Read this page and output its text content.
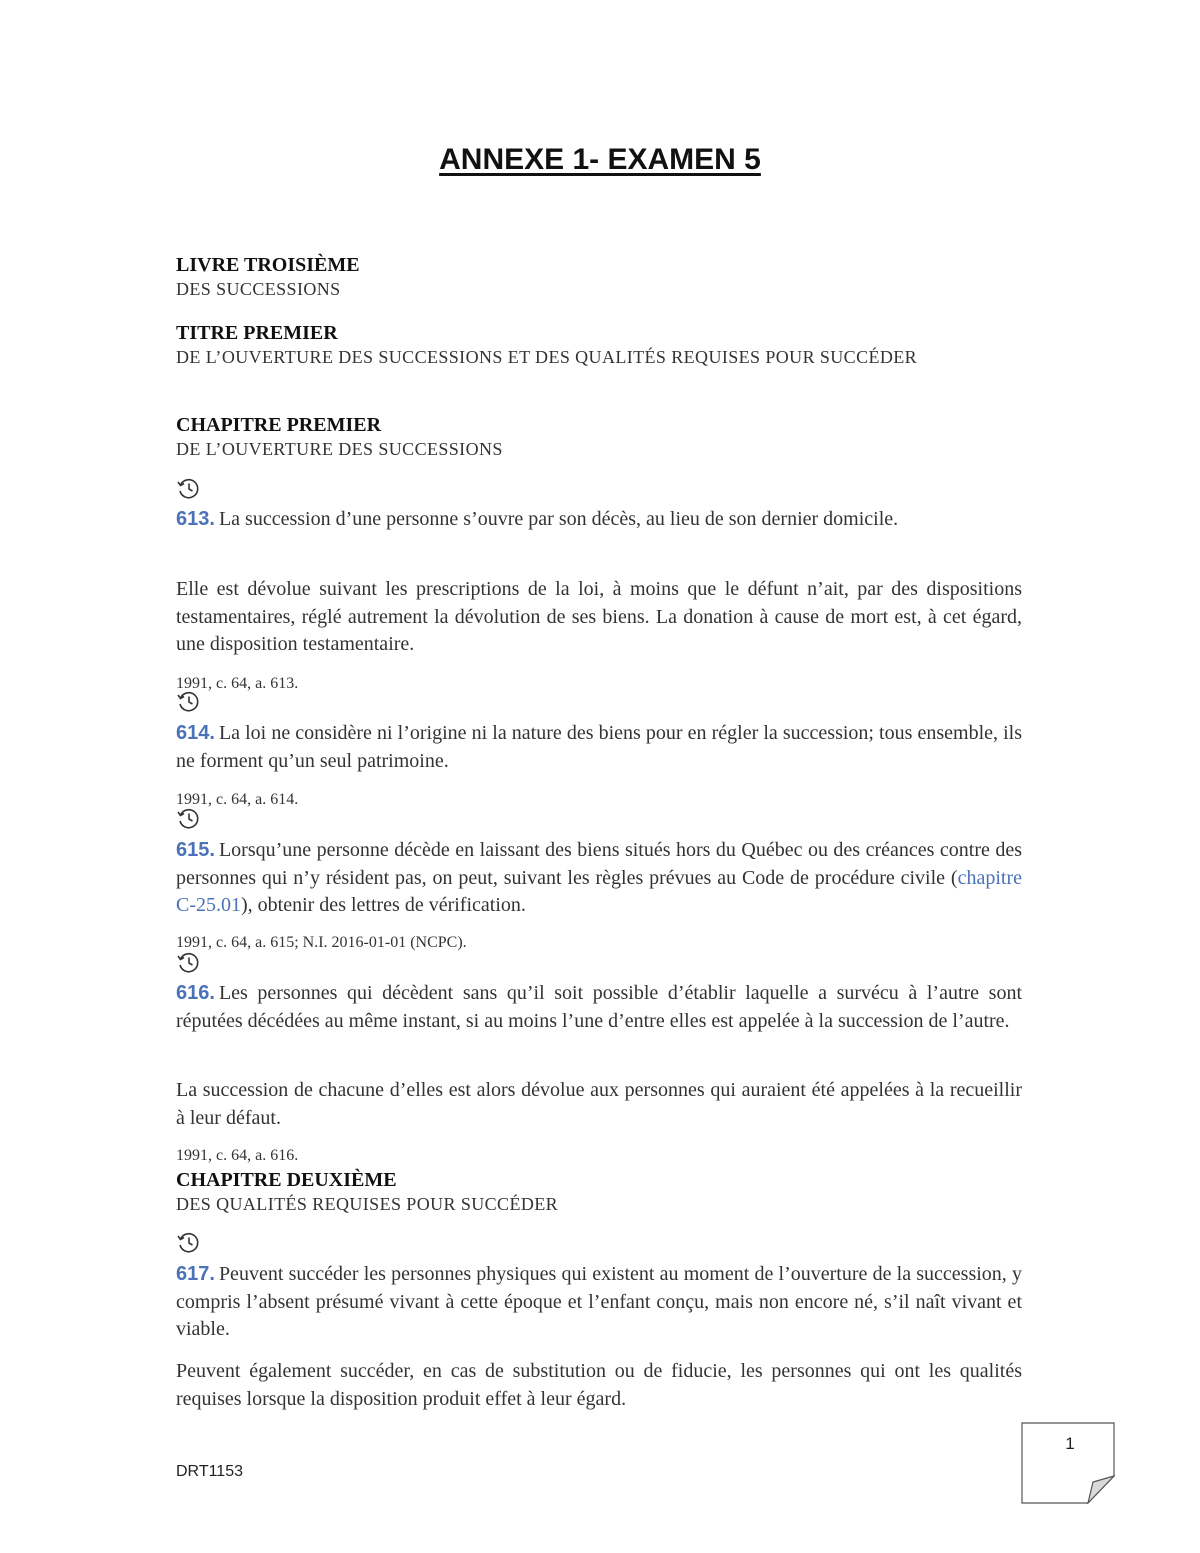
ANNEXE 1- EXAMEN 5
LIVRE TROISIÈME
DES SUCCESSIONS
TITRE PREMIER
DE L’OUVERTURE DES SUCCESSIONS ET DES QUALITÉS REQUISES POUR SUCCÉDER
CHAPITRE PREMIER
DE L’OUVERTURE DES SUCCESSIONS
613. La succession d’une personne s’ouvre par son décès, au lieu de son dernier domicile.
Elle est dévolue suivant les prescriptions de la loi, à moins que le défunt n’ait, par des dispositions testamentaires, réglé autrement la dévolution de ses biens. La donation à cause de mort est, à cet égard, une disposition testamentaire.
1991, c. 64, a. 613.
614. La loi ne considère ni l’origine ni la nature des biens pour en régler la succession; tous ensemble, ils ne forment qu’un seul patrimoine.
1991, c. 64, a. 614.
615. Lorsqu’une personne décède en laissant des biens situés hors du Québec ou des créances contre des personnes qui n’y résident pas, on peut, suivant les règles prévues au Code de procédure civile (chapitre C-25.01), obtenir des lettres de vérification.
1991, c. 64, a. 615; N.I. 2016-01-01 (NCPC).
616. Les personnes qui décèdent sans qu’il soit possible d’établir laquelle a survécu à l’autre sont réputées décédées au même instant, si au moins l’une d’entre elles est appelée à la succession de l’autre.
La succession de chacune d’elles est alors dévolue aux personnes qui auraient été appelées à la recueillir à leur défaut.
1991, c. 64, a. 616.
CHAPITRE DEUXIÈME
DES QUALITÉS REQUISES POUR SUCCÉDER
617. Peuvent succéder les personnes physiques qui existent au moment de l’ouverture de la succession, y compris l’absent présumé vivant à cette époque et l’enfant conçu, mais non encore né, s’il naît vivant et viable.
Peuvent également succéder, en cas de substitution ou de fiducie, les personnes qui ont les qualités requises lorsque la disposition produit effet à leur égard.
DRT1153
1
